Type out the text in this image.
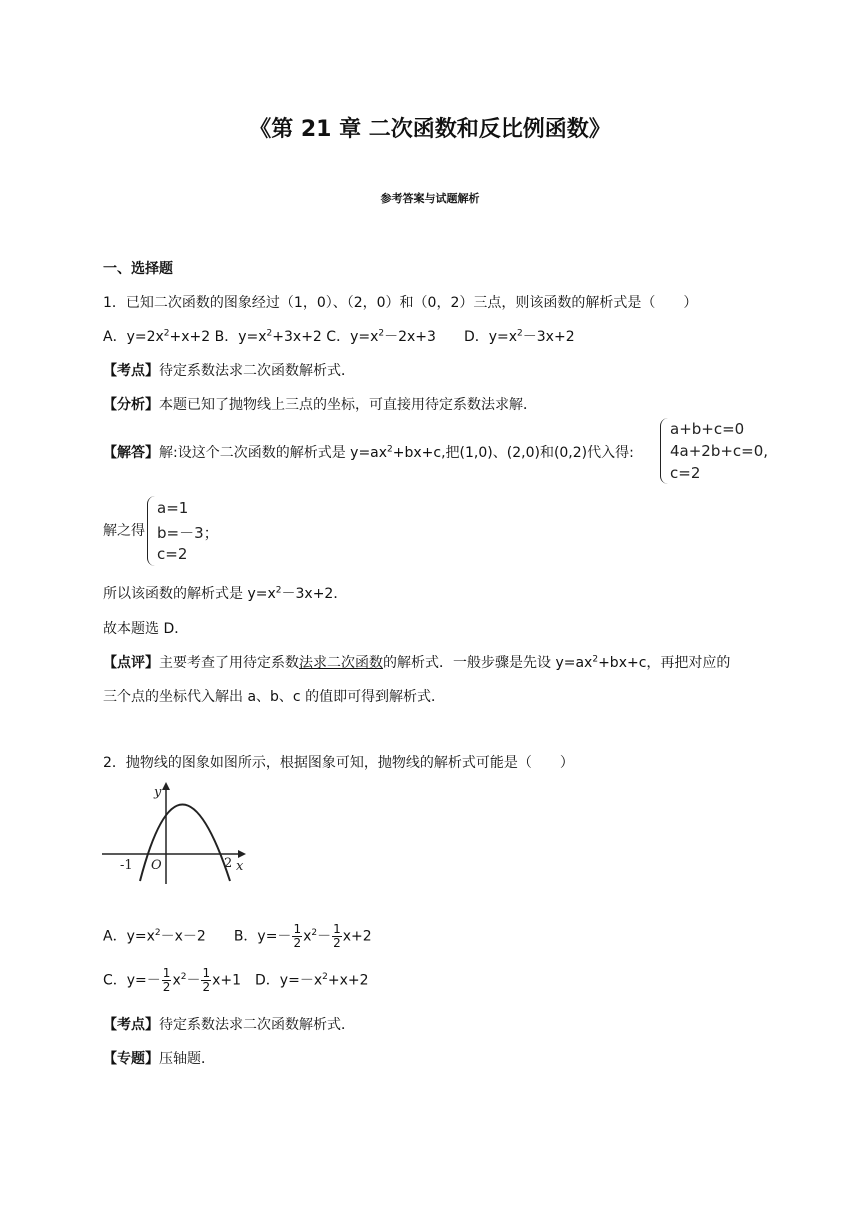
《第 21 章 二次函数和反比例函数》
参考答案与试题解析
一、选择题
1．已知二次函数的图象经过（1，0）、（2，0）和（0，2）三点，则该函数的解析式是（　　）
A．$y=2x^2+x+2$ B．$y=x^2+3x+2$ C．$y=x^2-2x+3$　　D．$y=x^2-3x+2$
【考点】待定系数法求二次函数解析式．
【分析】本题已知了抛物线上三点的坐标，可直接用待定系数法求解．
【解答】解:设这个二次函数的解析式是 $y=ax^2+bx+c$,把(1,0)、(2,0)和(0,2)代入得:
a+b+c=0
4a+2b+c=0,
c=2
解之得
a=1
b=－3；
c=2
所以该函数的解析式是 $y=x^2-3x+2$．
故本题选 D．
【点评】主要考查了用待定系数法求二次函数的解析式．一般步骤是先设 $y=ax^2+bx+c$，再把对应的
三个点的坐标代入解出 a、b、c 的值即可得到解析式．
2．抛物线的图象如图所示，根据图象可知，抛物线的解析式可能是（　　）
y
x
O
-1	2
A．$y=x^2-x-2$　　B．$y=- \frac{1}{2} x^2- \frac{1}{2} x+2$
C．$y=- \frac{1}{2} x^2- \frac{1}{2} x+1$　D．$y=-x^2+x+2$
【考点】待定系数法求二次函数解析式．
【专题】压轴题．
